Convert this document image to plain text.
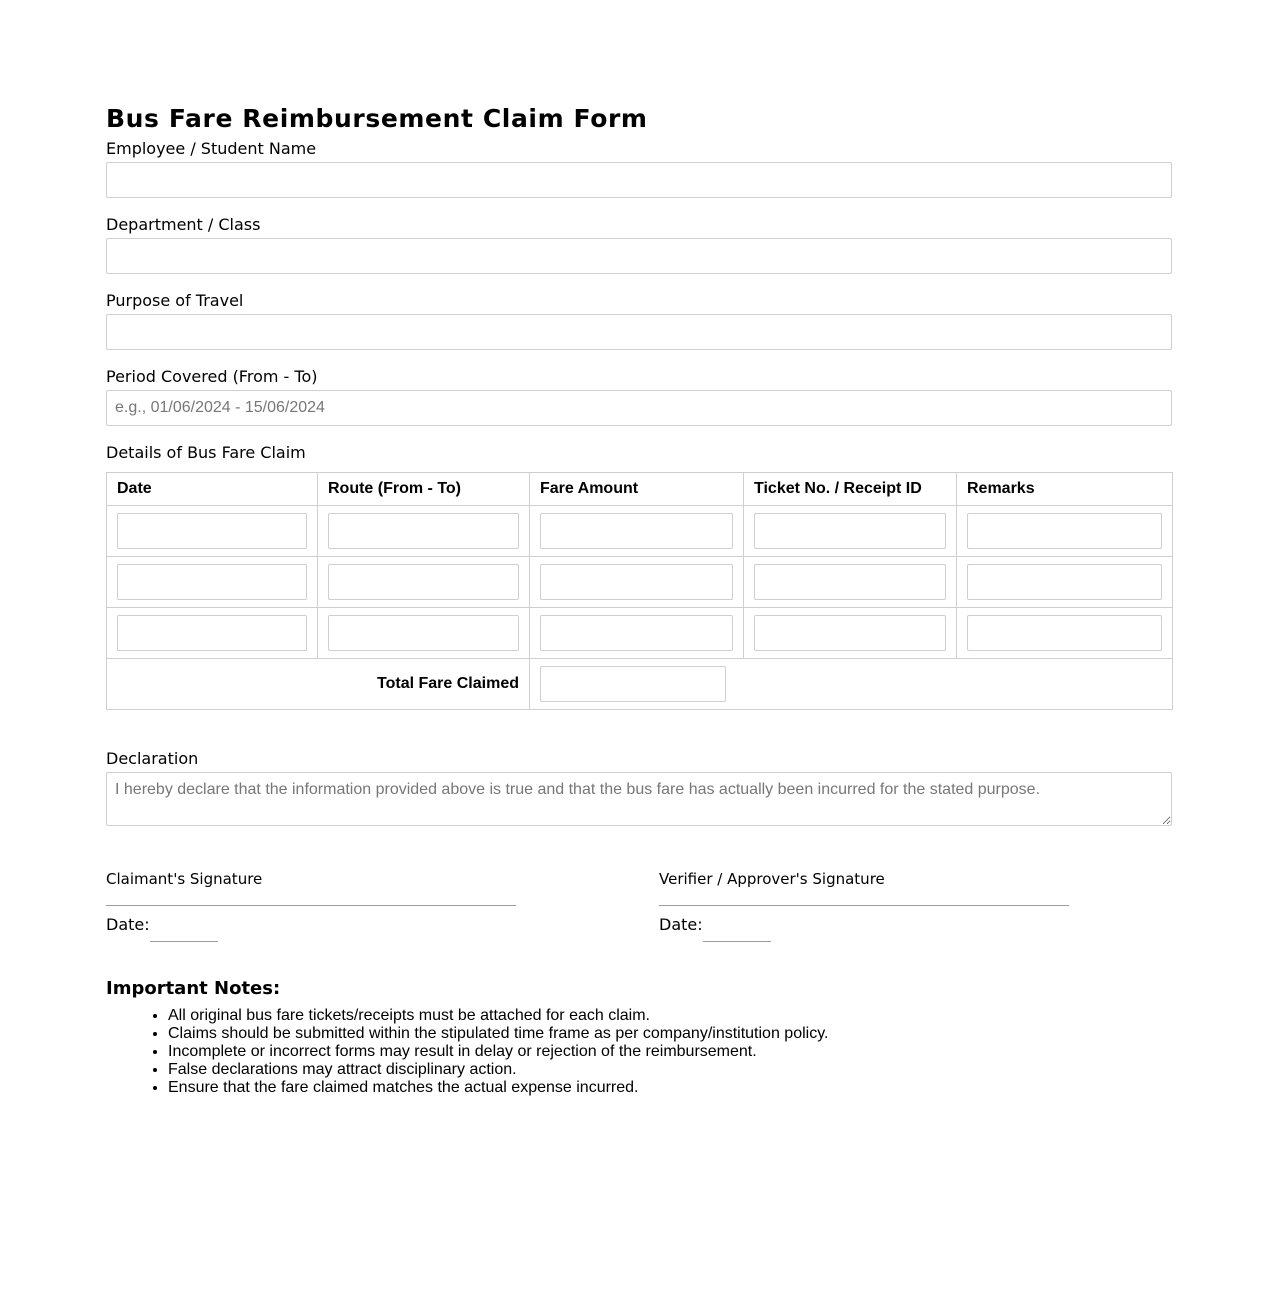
Bus Fare Reimbursement Claim Form
Employee / Student Name
Department / Class
Purpose of Travel
Period Covered (From - To)
e.g., 01/06/2024 - 15/06/2024
Details of Bus Fare Claim
Date	Route (From - To)	Fare Amount	Ticket No. / Receipt ID	Remarks

Total Fare Claimed	
Declaration
I hereby declare that the information provided above is true and that the bus fare has actually been incurred for the stated purpose.
Claimant's Signature
Date:
Verifier / Approver's Signature
Date:
Important Notes:
• All original bus fare tickets/receipts must be attached for each claim.
• Claims should be submitted within the stipulated time frame as per company/institution policy.
• Incomplete or incorrect forms may result in delay or rejection of the reimbursement.
• False declarations may attract disciplinary action.
• Ensure that the fare claimed matches the actual expense incurred.
